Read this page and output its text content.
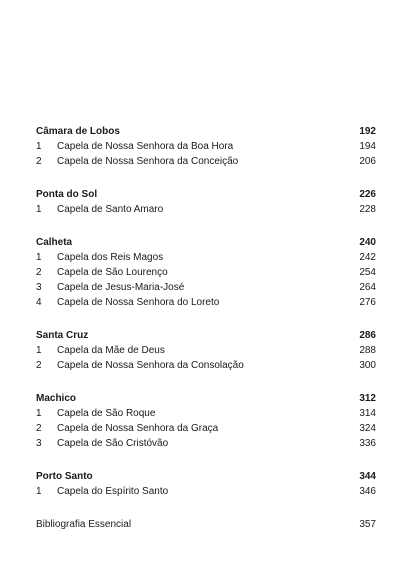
Câmara de Lobos	192
1	Capela de Nossa Senhora da Boa Hora	194
2	Capela de Nossa Senhora da Conceição	206
Ponta do Sol	226
1	Capela de Santo Amaro	228
Calheta	240
1	Capela dos Reis Magos	242
2	Capela de São Lourenço	254
3	Capela de Jesus-Maria-José	264
4	Capela de Nossa Senhora do Loreto	276
Santa Cruz	286
1	Capela da Mãe de Deus	288
2	Capela de Nossa Senhora da Consolação	300
Machico	312
1	Capela de São Roque	314
2	Capela de Nossa Senhora da Graça	324
3	Capela de São Cristóvão	336
Porto Santo	344
1	Capela do Espírito Santo	346
Bibliografia Essencial	357
